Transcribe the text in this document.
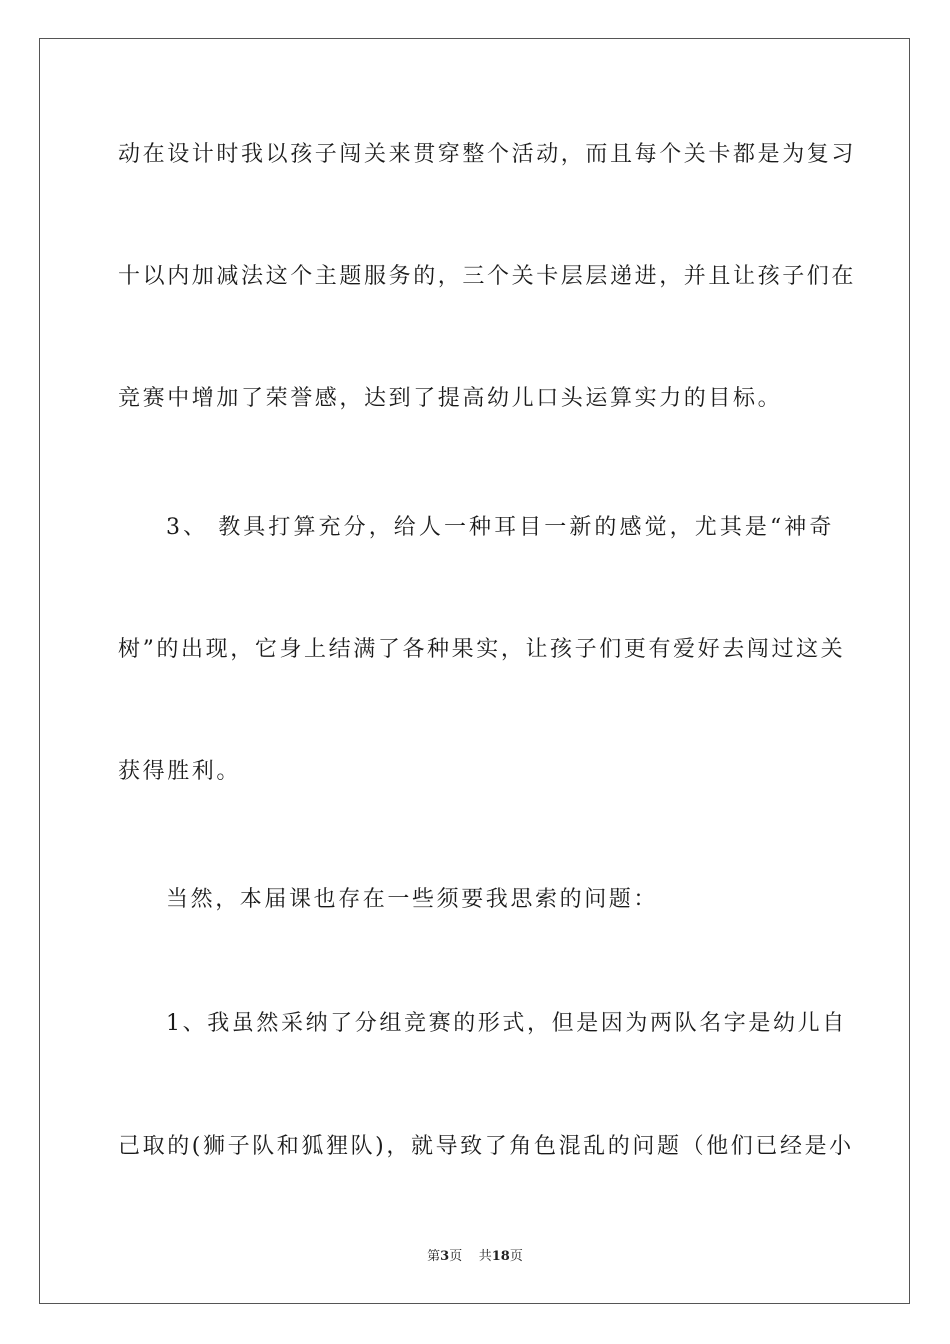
动在设计时我以孩子闯关来贯穿整个活动，而且每个关卡都是为复习
十以内加减法这个主题服务的，三个关卡层层递进，并且让孩子们在
竞赛中增加了荣誉感，达到了提高幼儿口头运算实力的目标。
3、 教具打算充分，给人一种耳目一新的感觉，尤其是“神奇
树”的出现，它身上结满了各种果实，让孩子们更有爱好去闯过这关
获得胜利。
当然，本届课也存在一些须要我思索的问题：
1、我虽然采纳了分组竞赛的形式，但是因为两队名字是幼儿自
己取的(狮子队和狐狸队)，就导致了角色混乱的问题（他们已经是小
第3页 共18页
